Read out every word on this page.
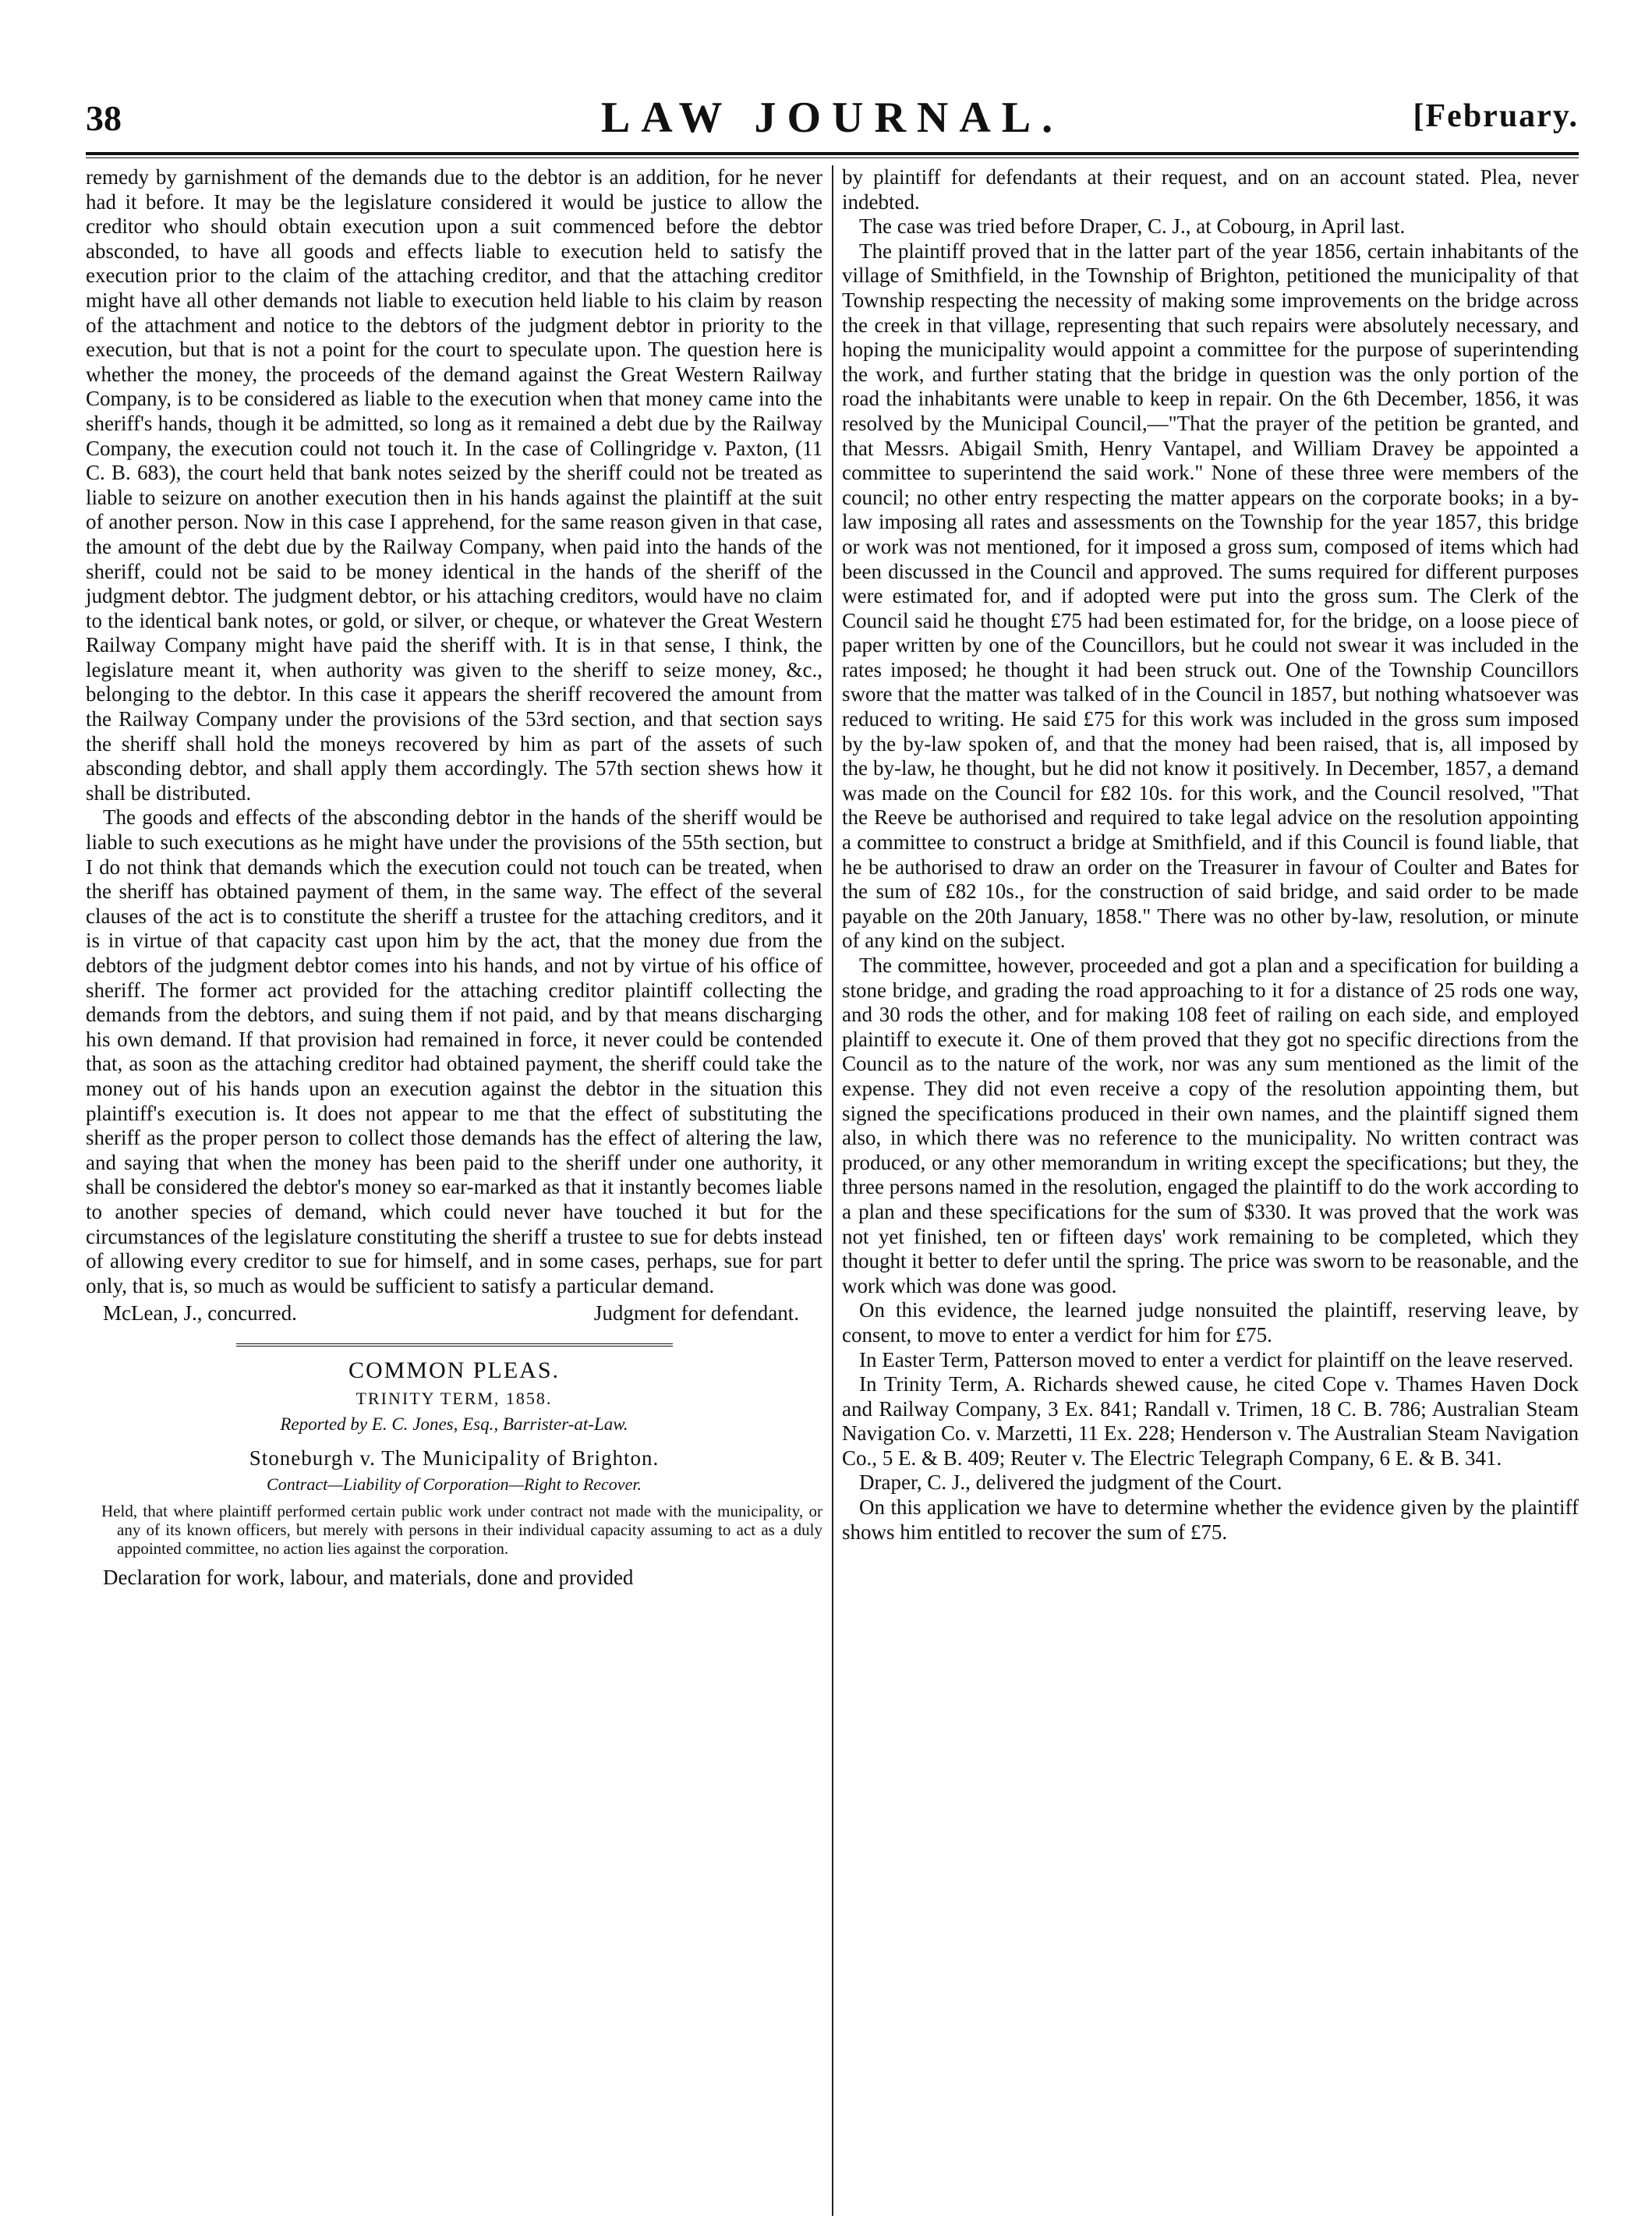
38	LAW JOURNAL.	[February.

remedy by garnishment of the demands due to the debtor is an addition, for he never had it before. It may be the legislature considered it would be justice to allow the creditor who should obtain execution upon a suit commenced before the debtor absconded, to have all goods and effects liable to execution held to satisfy the execution prior to the claim of the attaching creditor, and that the attaching creditor might have all other demands not liable to execution held liable to his claim by reason of the attachment and notice to the debtors of the judgment debtor in priority to the execution, but that is not a point for the court to speculate upon. The question here is whether the money, the proceeds of the demand against the Great Western Railway Company, is to be considered as liable to the execution when that money came into the sheriff's hands, though it be admitted, so long as it remained a debt due by the Railway Company, the execution could not touch it. In the case of Collingridge v. Paxton, (11 C. B. 683), the court held that bank notes seized by the sheriff could not be treated as liable to seizure on another execution then in his hands against the plaintiff at the suit of another person. Now in this case I apprehend, for the same reason given in that case, the amount of the debt due by the Railway Company, when paid into the hands of the sheriff, could not be said to be money identical in the hands of the sheriff of the judgment debtor. The judgment debtor, or his attaching creditors, would have no claim to the identical bank notes, or gold, or silver, or cheque, or whatever the Great Western Railway Company might have paid the sheriff with. It is in that sense, I think, the legislature meant it, when authority was given to the sheriff to seize money, &c., belonging to the debtor. In this case it appears the sheriff recovered the amount from the Railway Company under the provisions of the 53rd section, and that section says the sheriff shall hold the moneys recovered by him as part of the assets of such absconding debtor, and shall apply them accordingly. The 57th section shews how it shall be distributed.

The goods and effects of the absconding debtor in the hands of the sheriff would be liable to such executions as he might have under the provisions of the 55th section, but I do not think that demands which the execution could not touch can be treated, when the sheriff has obtained payment of them, in the same way. The effect of the several clauses of the act is to constitute the sheriff a trustee for the attaching creditors, and it is in virtue of that capacity cast upon him by the act, that the money due from the debtors of the judgment debtor comes into his hands, and not by virtue of his office of sheriff. The former act provided for the attaching creditor plaintiff collecting the demands from the debtors, and suing them if not paid, and by that means discharging his own demand. If that provision had remained in force, it never could be contended that, as soon as the attaching creditor had obtained payment, the sheriff could take the money out of his hands upon an execution against the debtor in the situation this plaintiff's execution is. It does not appear to me that the effect of substituting the sheriff as the proper person to collect those demands has the effect of altering the law, and saying that when the money has been paid to the sheriff under one authority, it shall be considered the debtor's money so ear-marked as that it instantly becomes liable to another species of demand, which could never have touched it but for the circumstances of the legislature constituting the sheriff a trustee to sue for debts instead of allowing every creditor to sue for himself, and in some cases, perhaps, sue for part only, that is, so much as would be sufficient to satisfy a particular demand.

McLean, J., concurred.	Judgment for defendant.
COMMON PLEAS.
TRINITY TERM, 1858.
Reported by E. C. Jones, Esq., Barrister-at-Law.
Stoneburgh v. The Municipality of Brighton.
Contract—Liability of Corporation—Right to Recover.

Held, that where plaintiff performed certain public work under contract not made with the municipality, or any of its known officers, but merely with persons in their individual capacity assuming to act as a duly appointed committee, no action lies against the corporation.

Declaration for work, labour, and materials, done and provided

by plaintiff for defendants at their request, and on an account stated. Plea, never indebted.

The case was tried before Draper, C. J., at Cobourg, in April last.

The plaintiff proved that in the latter part of the year 1856, certain inhabitants of the village of Smithfield, in the Township of Brighton, petitioned the municipality of that Township respecting the necessity of making some improvements on the bridge across the creek in that village, representing that such repairs were absolutely necessary, and hoping the municipality would appoint a committee for the purpose of superintending the work, and further stating that the bridge in question was the only portion of the road the inhabitants were unable to keep in repair. On the 6th December, 1856, it was resolved by the Municipal Council,—"That the prayer of the petition be granted, and that Messrs. Abigail Smith, Henry Vantapel, and William Dravey be appointed a committee to superintend the said work." None of these three were members of the council; no other entry respecting the matter appears on the corporate books; in a by-law imposing all rates and assessments on the Township for the year 1857, this bridge or work was not mentioned, for it imposed a gross sum, composed of items which had been discussed in the Council and approved. The sums required for different purposes were estimated for, and if adopted were put into the gross sum. The Clerk of the Council said he thought £75 had been estimated for, for the bridge, on a loose piece of paper written by one of the Councillors, but he could not swear it was included in the rates imposed; he thought it had been struck out. One of the Township Councillors swore that the matter was talked of in the Council in 1857, but nothing whatsoever was reduced to writing. He said £75 for this work was included in the gross sum imposed by the by-law spoken of, and that the money had been raised, that is, all imposed by the by-law, he thought, but he did not know it positively. In December, 1857, a demand was made on the Council for £82 10s. for this work, and the Council resolved, "That the Reeve be authorised and required to take legal advice on the resolution appointing a committee to construct a bridge at Smithfield, and if this Council is found liable, that he be authorised to draw an order on the Treasurer in favour of Coulter and Bates for the sum of £82 10s., for the construction of said bridge, and said order to be made payable on the 20th January, 1858." There was no other by-law, resolution, or minute of any kind on the subject.

The committee, however, proceeded and got a plan and a specification for building a stone bridge, and grading the road approaching to it for a distance of 25 rods one way, and 30 rods the other, and for making 108 feet of railing on each side, and employed plaintiff to execute it. One of them proved that they got no specific directions from the Council as to the nature of the work, nor was any sum mentioned as the limit of the expense. They did not even receive a copy of the resolution appointing them, but signed the specifications produced in their own names, and the plaintiff signed them also, in which there was no reference to the municipality. No written contract was produced, or any other memorandum in writing except the specifications; but they, the three persons named in the resolution, engaged the plaintiff to do the work according to a plan and these specifications for the sum of $330. It was proved that the work was not yet finished, ten or fifteen days' work remaining to be completed, which they thought it better to defer until the spring. The price was sworn to be reasonable, and the work which was done was good.

On this evidence, the learned judge nonsuited the plaintiff, reserving leave, by consent, to move to enter a verdict for him for £75.

In Easter Term, Patterson moved to enter a verdict for plaintiff on the leave reserved.

In Trinity Term, A. Richards shewed cause, he cited Cope v. Thames Haven Dock and Railway Company, 3 Ex. 841; Randall v. Trimen, 18 C. B. 786; Australian Steam Navigation Co. v. Marzetti, 11 Ex. 228; Henderson v. The Australian Steam Navigation Co., 5 E. & B. 409; Reuter v. The Electric Telegraph Company, 6 E. & B. 341.

Draper, C. J., delivered the judgment of the Court.

On this application we have to determine whether the evidence given by the plaintiff shows him entitled to recover the sum of £75.
